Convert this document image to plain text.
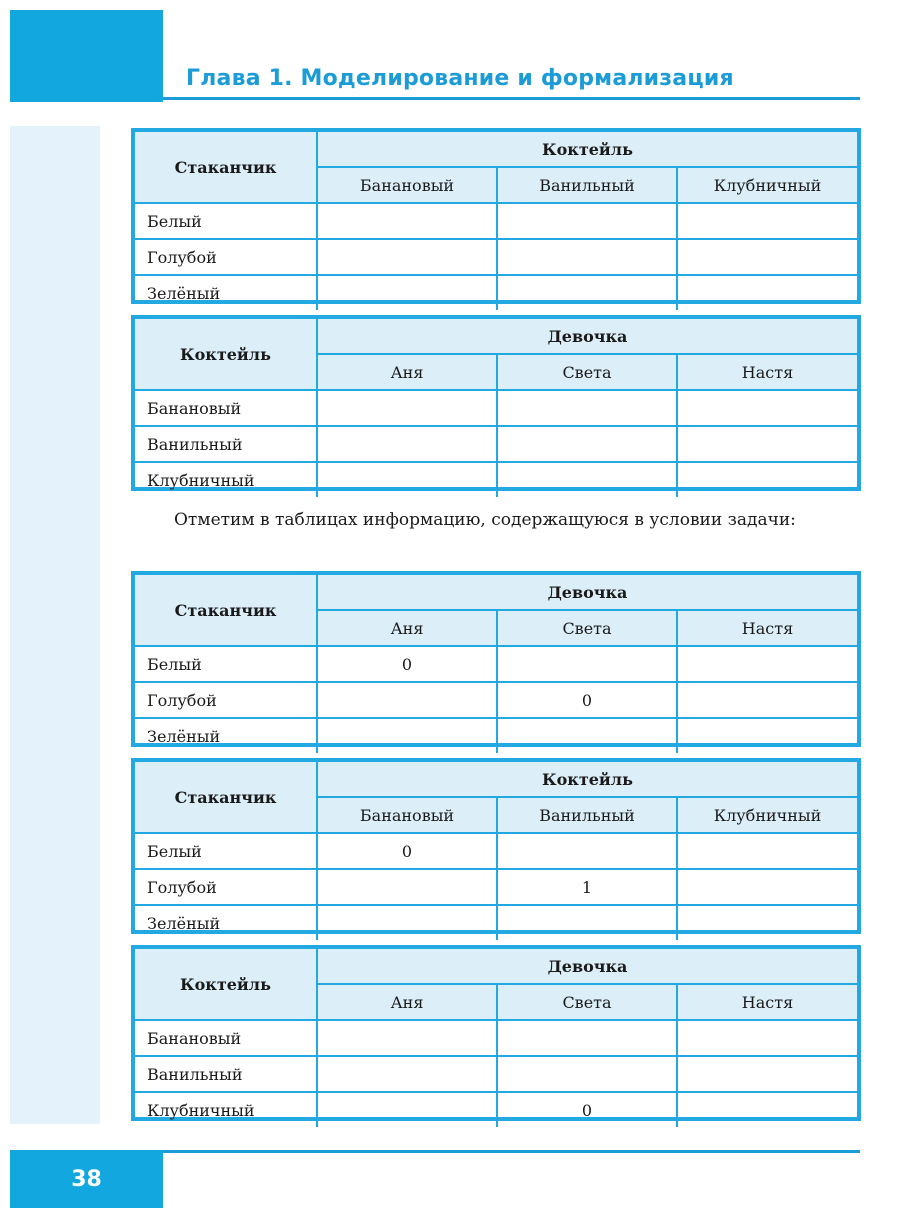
Глава 1. Моделирование и формализация
Стаканчик	Коктейль		
	Банановый	Ванильный	Клубничный
Белый			
Голубой			
Зелёный			
Коктейль	Девочка		
	Аня	Света	Настя
Банановый			
Ванильный			
Клубничный			

Отметим в таблицах информацию, содержащуюся в условии задачи:

Стаканчик	Девочка		
	Аня	Света	Настя
Белый	0		
Голубой		0	
Зелёный			
Стаканчик	Коктейль		
	Банановый	Ванильный	Клубничный
Белый	0		
Голубой		1	
Зелёный			
Коктейль	Девочка		
	Аня	Света	Настя
Банановый			
Ванильный			
Клубничный		0	
38
